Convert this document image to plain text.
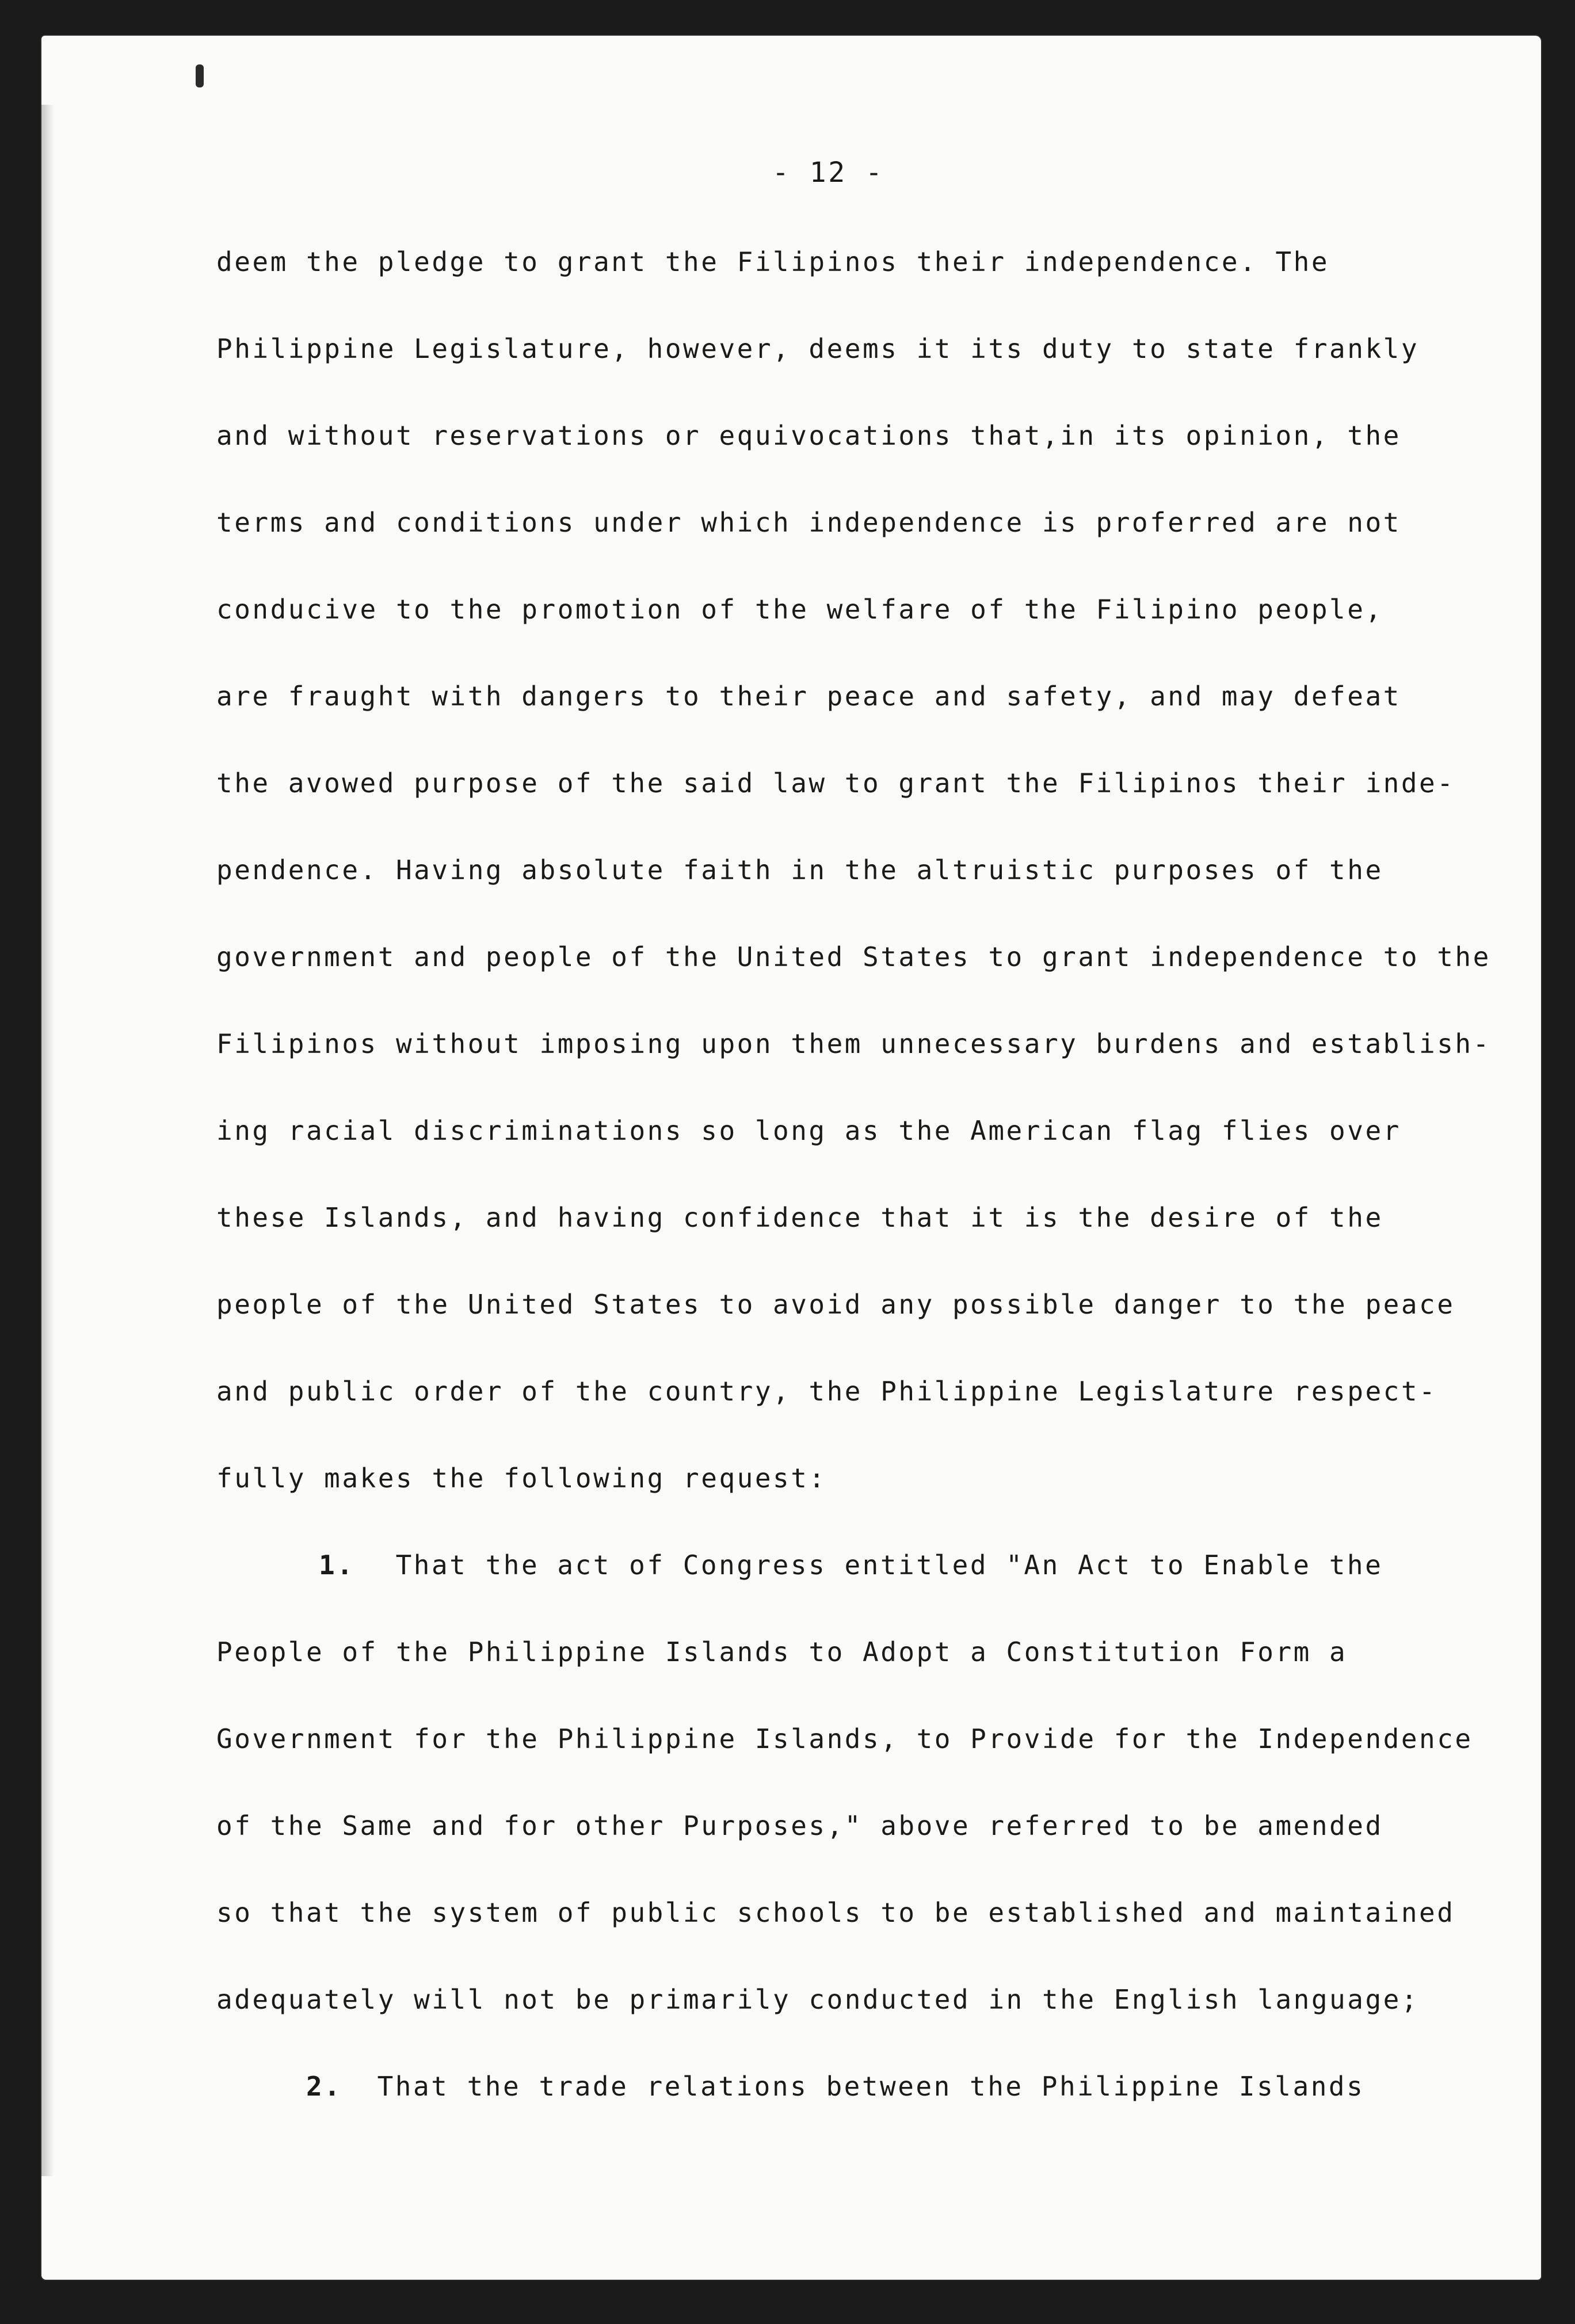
- 12 -
deem the pledge to grant the Filipinos their independence. The
Philippine Legislature, however, deems it its duty to state frankly
and without reservations or equivocations that,in its opinion, the
terms and conditions under which independence is proferred are not
conducive to the promotion of the welfare of the Filipino people,
are fraught with dangers to their peace and safety, and may defeat
the avowed purpose of the said law to grant the Filipinos their inde-
pendence. Having absolute faith in the altruistic purposes of the
government and people of the United States to grant independence to the
Filipinos without imposing upon them unnecessary burdens and establish-
ing racial discriminations so long as the American flag flies over
these Islands, and having confidence that it is the desire of the
people of the United States to avoid any possible danger to the peace
and public order of the country, the Philippine Legislature respect-
fully makes the following request:
1. That the act of Congress entitled "An Act to Enable the
People of the Philippine Islands to Adopt a Constitution Form a
Government for the Philippine Islands, to Provide for the Independence
of the Same and for other Purposes," above referred to be amended
so that the system of public schools to be established and maintained
adequately will not be primarily conducted in the English language;
2. That the trade relations between the Philippine Islands
